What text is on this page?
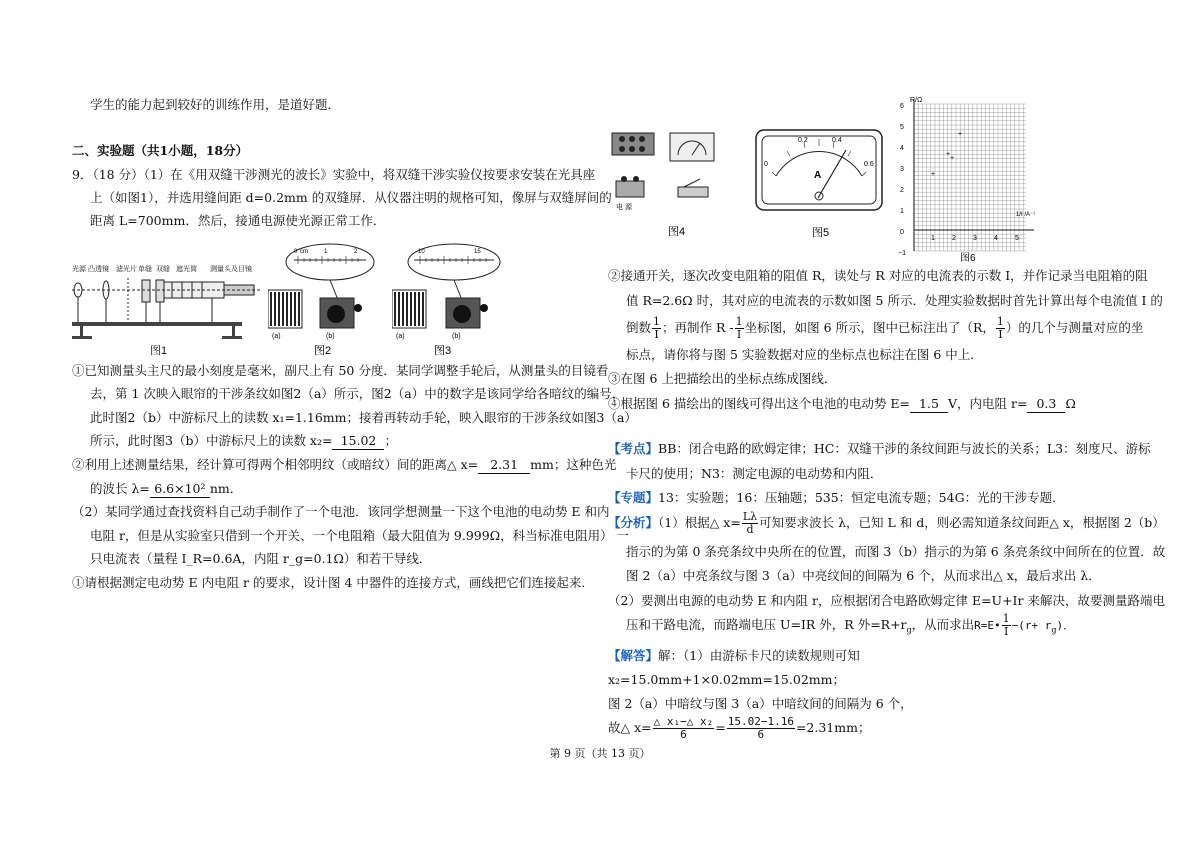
学生的能力起到较好的训练作用，是道好题．
二、实验题（共1小题，18分）
9．（18 分）（1）在《用双缝干涉测光的波长》实验中，将双缝干涉实验仪按要求安装在光具座
上（如图1），并选用缝间距 d=0.2mm 的双缝屏．从仪器注明的规格可知，像屏与双缝屏间的
距离 L=700mm．然后，接通电源使光源正常工作．
光源 凸透镜 滤光片 单缝 双缝 遮光筒 测量头及目镜
图1
0 cm	1	2
(a)	(b)
图2
10	15
(a)	(b)
图3
①已知测量头主尺的最小刻度是毫米，副尺上有 50 分度．某同学调整手轮后，从测量头的目镜看
去，第 1 次映入眼帘的干涉条纹如图2（a）所示，图2（a）中的数字是该同学给各暗纹的编号，
此时图2（b）中游标尺上的读数 x₁=1.16mm；接着再转动手轮，映入眼帘的干涉条纹如图3（a）
所示，此时图3（b）中游标尺上的读数 x₂= 15.02 ；
②利用上述测量结果，经计算可得两个相邻明纹（或暗纹）间的距离△ x= 2.31 mm；这种色光
的波长 λ= 6.6×10² nm．
（2）某同学通过查找资料自己动手制作了一个电池．该同学想测量一下这个电池的电动势 E 和内
电阻 r，但是从实验室只借到一个开关、一个电阻箱（最大阻值为 9.999Ω，科当标准电阻用） 一
只电流表（量程 I_R=0.6A，内阻 r_g=0.1Ω）和若干导线．
①请根据测定电动势 E 内电阻 r 的要求，设计图 4 中器件的连接方式，画线把它们连接起来．
电 源
图4
0
0.2	0.4
0.6
A
图5
R/Ω
6
5
4
3
2
1
0
−1
1 2 3 4 5
1/I /A⁻¹
+
+
+
+
图6
②接通开关，逐次改变电阻箱的阻值 R，读处与 R 对应的电流表的示数 I，并作记录当电阻箱的阻
值 R=2.6Ω 时，其对应的电流表的示数如图 5 所示．处理实验数据时首先计算出每个电流值 I 的
倒数 $\frac{1}{I}$ ；再制作 R - $\frac{1}{I}$ 坐标图，如图 6 所示，图中已标注出了（R， $\frac{1}{I}$ ）的几个与测量对应的坐
标点，请你将与图 5 实验数据对应的坐标点也标注在图 6 中上．
③在图 6 上把描绘出的坐标点练成图线．
④根据图 6 描绘出的图线可得出这个电池的电动势 E= 1.5 V，内电阻 r= 0.3 Ω
【考点】BB：闭合电路的欧姆定律；HC：双缝干涉的条纹间距与波长的关系；L3：刻度尺、游标
卡尺的使用；N3：测定电源的电动势和内阻．
【专题】13：实验题；16：压轴题；535：恒定电流专题；54G：光的干涉专题．
【分析】（1）根据△ $x= \frac{L\lambda}{d}$ 可知要求波长 λ，已知 L 和 d，则必需知道条纹间距△ x，根据图 2（b）
指示的为第 0 条亮条纹中央所在的位置，而图 3（b）指示的为第 6 条亮条纹中间所在的位置．故
图 2（a）中亮条纹与图 3（a）中亮纹间的间隔为 6 个，从而求出△ x，最后求出 λ．
（2）要测出电源的电动势 E 和内阻 r，应根据闭合电路欧姆定律 E=U+Ir 来解决，故要测量路端电
压和干路电流，而路端电压 U=IR 外，R 外$=R+r_g$，从而求出R=E• $\frac{1}{I} -(r+ r_g)$．
【解答】解：（1）由游标卡尺的读数规则可知
x₂=15.0mm+1×0.02mm=15.02mm；
图 2（a）中暗纹与图 3（a）中暗纹间的间隔为 6 个，
故△ $x= \frac{\text{△ x₁−△ x₂}}{6} = \frac{15.02-1.16}{6} =2.31mm$；
第 9 页（共 13 页）
